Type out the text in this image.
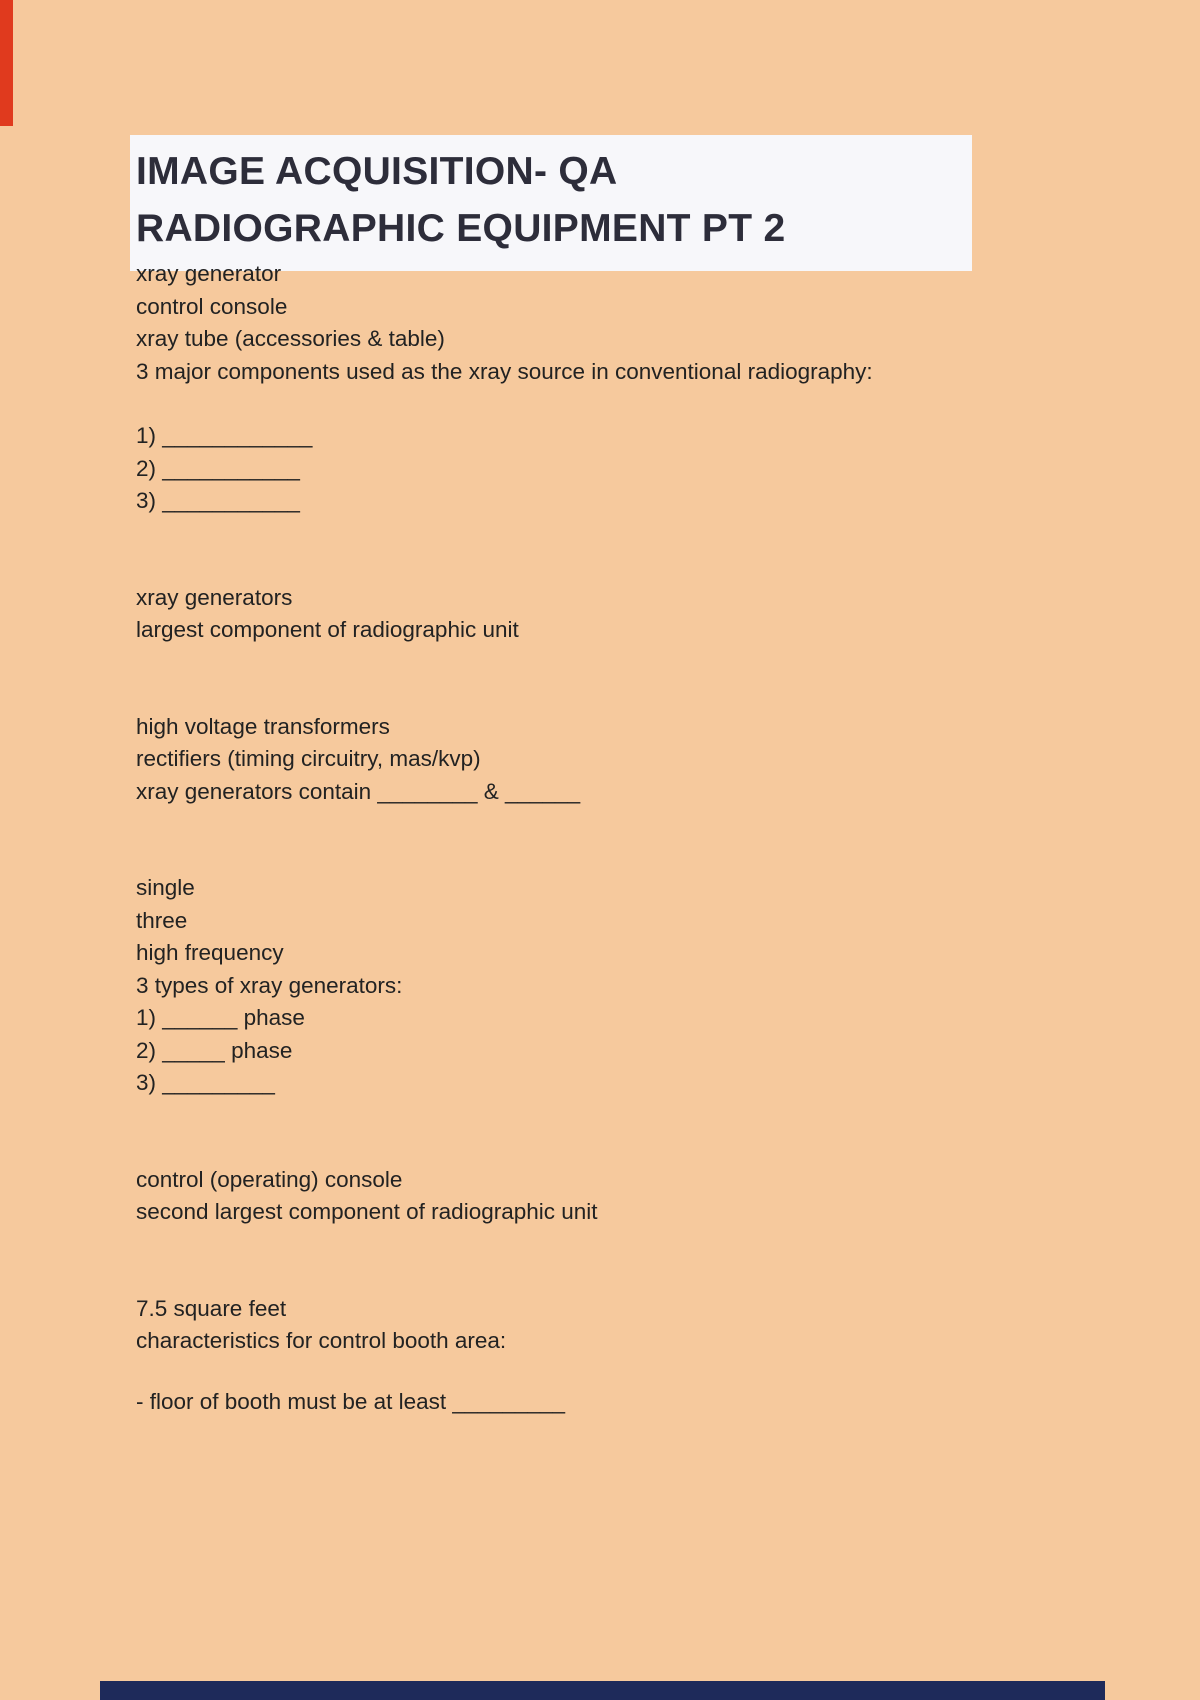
IMAGE ACQUISITION- QA
RADIOGRAPHIC EQUIPMENT PT 2

xray generator

control console

xray tube (accessories & table)

3 major components used as the xray source in conventional radiography:

1) ____________

2) ___________

3) ___________

xray generators

largest component of radiographic unit

high voltage transformers

rectifiers (timing circuitry, mas/kvp)

xray generators contain ________ & ______

single

three

high frequency

3 types of xray generators:

1) ______ phase

2) _____ phase

3) _________

control (operating) console

second largest component of radiographic unit

7.5 square feet

characteristics for control booth area:

- floor of booth must be at least _________
